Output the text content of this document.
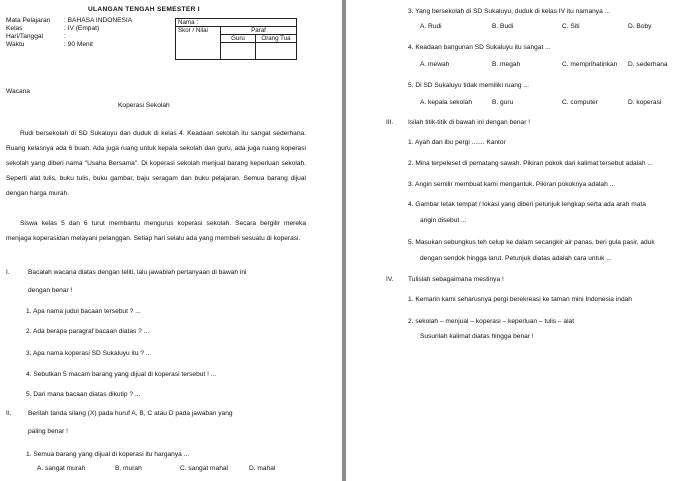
ULANGAN TENGAH SEMESTER I
Mata Pelajaran : BAHASA INDONESIA
Kelas	: IV (Empat)
Hari/Tanggal	:
Waktu	: 90 Menit
Nama :		
Skor / Nilai	Paraf	
	Guru	Orang Tua

Wacana
Koperasi Sekolah
Rudi bersekolah di SD Sukaluyu dan duduk di kelas 4. Keadaan sekolah itu sangat sederhana. Ruang kelasnya ada 6 buah. Ada juga ruang untuk kepala sekolah dan guru, ada juga ruang koperasi sekolah yang diberi nama "Usaha Bersama". Di koperasi sekolah menjual barang keperluan sekolah. Seperti alat tulis, buku tulis, buku gambar, baju seragam dan buku pelajaran. Semua barang dijual dengan harga murah.
Siswa kelas 5 dan 6 turut membantu mengurus koperasi sekolah. Secara bergilir mereka menjaga koperasidan melayani pelanggan. Setiap hari selalu ada yang membeli sesuatu di koperasi.
I.	Bacalah wacana diatas dengan teliti, lalu jawablah pertanyaan di bawah ini
dengan benar !
1. Apa nama judul bacaan tersebut ? ...
2. Ada berapa paragraf bacaan diatas ? ...
3. Apa nama koperasi SD Sukaluyu itu ? ...
4. Sebutkan 5 macam barang yang dijual di koperasi tersebut ! ...
5. Dari mana bacaan diatas dikutip ? ...
II.	Berilah tanda silang (X) pada huruf A, B, C atau D pada jawaban yang
paling benar !
1. Semua barang yang dijual di koperasi itu harganya ...
A. sangat murah	B. murah	C. sangat mahal	D. mahal
3. Yang bersekolah di SD Sukaluyu, duduk di kelas IV itu namanya ...
A. Rudi	B. Budi	C. Siti	D. Boby
4. Keadaan bangunan SD Sukaluyu itu sangat ...
A. mewah	B. megah	C. memprihatinkan D. sederhana
5. Di SD Sukaluyu tidak memiliki ruang ...
A. kepala sekolah	B. guru	C. computer	D. koperasi
III. Isilah titik-titik di bawah ini dengan benar !
1. Ayah dan ibu pergi ....... Kantor
2. Mina terpeleset di pematang sawah. Pikiran pokok dari kalimat tersebut adalah ...
3. Angin semilir membuat kami mengantuk. Pikiran pokoknya adalah ...
4. Gambar letak tempat / lokasi yang diberi petunjuk lengkap serta ada arah mata
angin disebut ...
5. Masukan sebungkus teh celup ke dalam secangkir air panas, beri gula pasir, aduk
dengan sendok hingga larut. Petunjuk diatas adalah cara untuk ...
IV. Tulislah sebagaimana mestinya !
1. Kemarin kami seharusnya pergi berekreasi ke taman mini Indonesia indah
2. sekolah – menjual – koperasi – keperluan – tulis – alat
Susunlah kalimat diatas hingga benar !
